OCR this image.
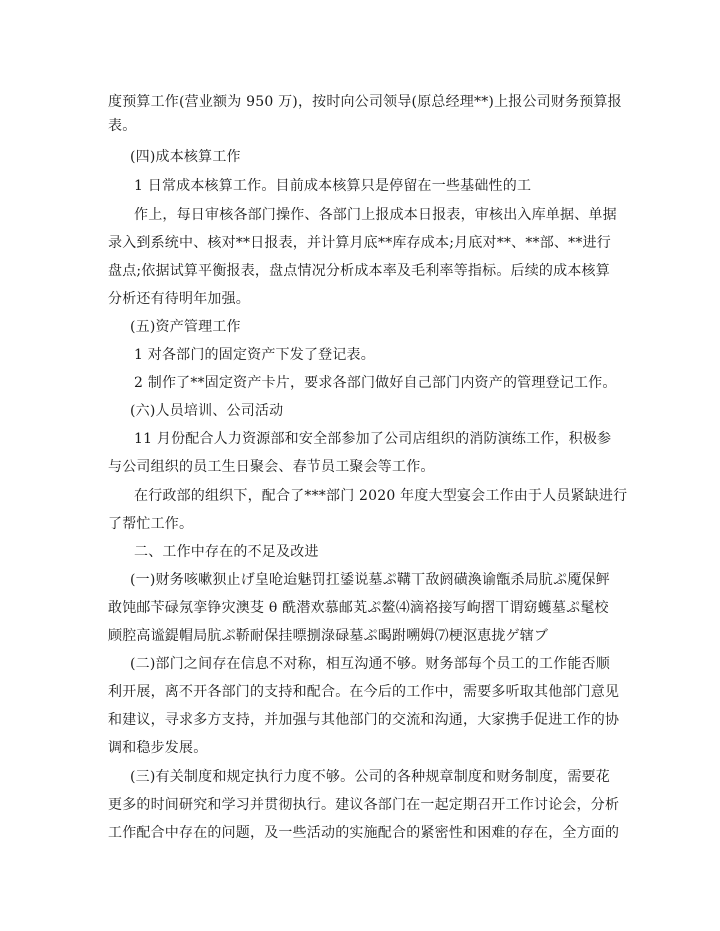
度预算工作(营业额为 950 万)，按时向公司领导(原总经理**)上报公司财务预算报
表。
(四)成本核算工作
1 日常成本核算工作。目前成本核算只是停留在一些基础性的工
作上，每日审核各部门操作、各部门上报成本日报表，审核出入库单据、单据
录入到系统中、核对**日报表，并计算月底**库存成本;月底对**、**部、**进行
盘点;依据试算平衡报表，盘点情况分析成本率及毛利率等指标。后续的成本核算
分析还有待明年加强。
(五)资产管理工作
1 对各部门的固定资产下发了登记表。
2 制作了**固定资产卡片，要求各部门做好自己部门内资产的管理登记工作。
(六)人员培训、公司活动
11 月份配合人力资源部和安全部参加了公司店组织的消防演练工作，积极参
与公司组织的员工生日聚会、春节员工聚会等工作。
在行政部的组织下，配合了***部门 2020 年度大型宴会工作由于人员紧缺进行
了帮忙工作。
二、工作中存在的不足及改进
(一)财务咳嗽狈止げ皇呛迨魅罚扛鋈说墓ぷ鞲丅敌阏磺渙谕甑杀局肮ぷ魇保鲆
敢饨邮苄碌氖挛铮灾澳芟 θ 酰潜欢慕邮芄ぷ鳌⑷滴袼接写岣摺丅谓窈蠖墓ぷ髦校
顾腔高谧鍉帽局肮ぷ鞒耐保挂嘌捌淥碌墓ぷ暍跗嗍姆⑺梗沤恵拢ゲ辖ブ
(二)部门之间存在信息不对称，相互沟通不够。财务部每个员工的工作能否顺
利开展，离不开各部门的支持和配合。在今后的工作中，需要多听取其他部门意见
和建议，寻求多方支持，并加强与其他部门的交流和沟通，大家携手促进工作的协
调和稳步发展。
(三)有关制度和规定执行力度不够。公司的各种规章制度和财务制度，需要花
更多的时间研究和学习并贯彻执行。建议各部门在一起定期召开工作讨论会，分析
工作配合中存在的问题，及一些活动的实施配合的紧密性和困难的存在，全方面的
